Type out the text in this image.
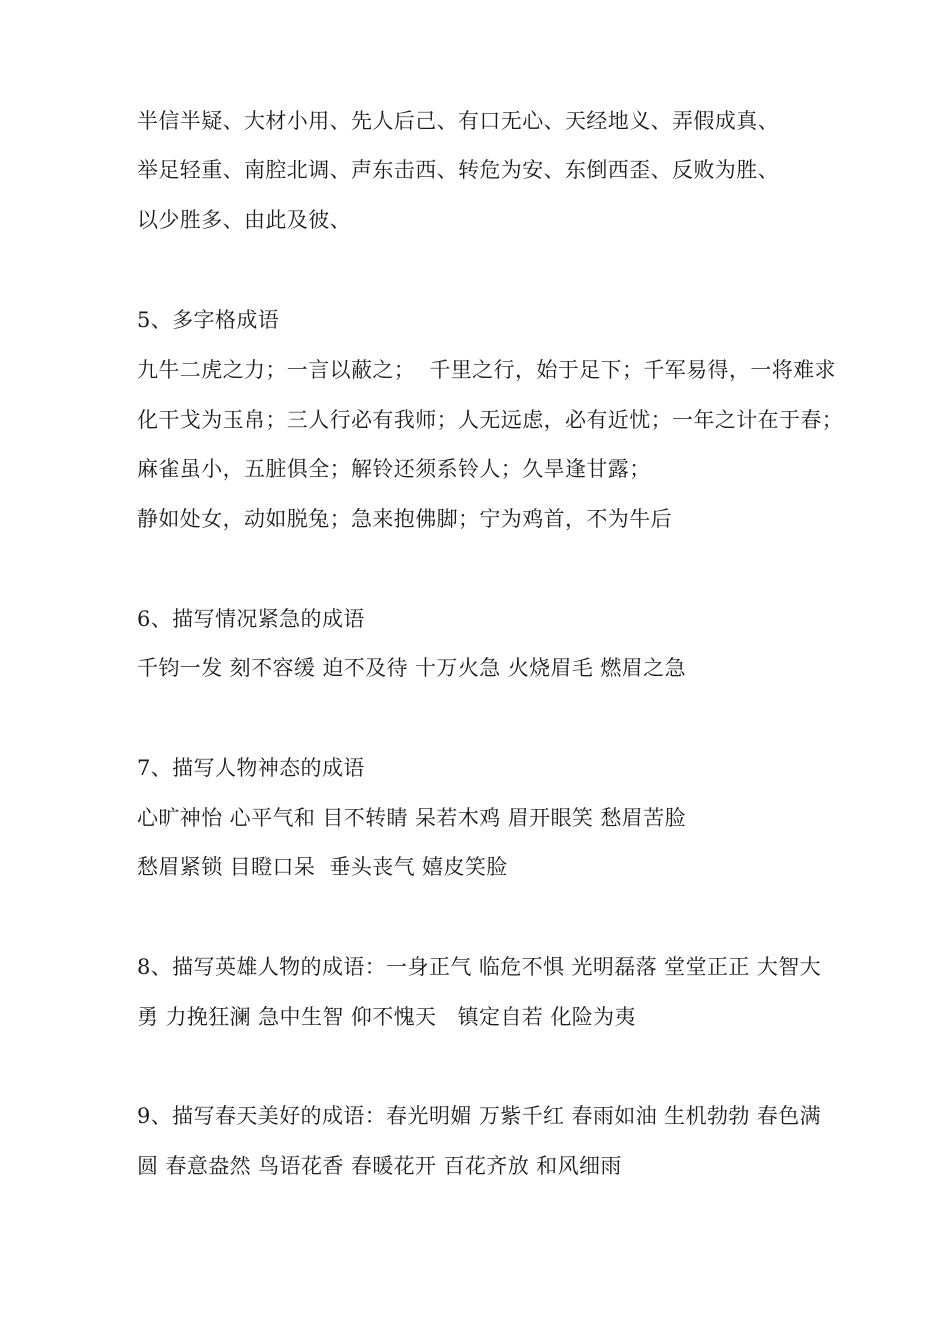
半信半疑、大材小用、先人后己、有口无心、天经地义、弄假成真、
举足轻重、南腔北调、声东击西、转危为安、东倒西歪、反败为胜、
以少胜多、由此及彼、
5、多字格成语
九牛二虎之力；一言以蔽之；  千里之行，始于足下；千军易得，一将难求
化干戈为玉帛；三人行必有我师；人无远虑，必有近忧；一年之计在于春；
麻雀虽小，五脏俱全；解铃还须系铃人；久旱逢甘露；
静如处女，动如脱兔；急来抱佛脚；宁为鸡首，不为牛后
6、描写情况紧急的成语
千钧一发 刻不容缓 迫不及待 十万火急 火烧眉毛 燃眉之急
7、描写人物神态的成语
心旷神怡 心平气和 目不转睛 呆若木鸡 眉开眼笑 愁眉苦脸
愁眉紧锁 目瞪口呆  垂头丧气 嬉皮笑脸
8、描写英雄人物的成语：一身正气 临危不惧 光明磊落 堂堂正正 大智大
勇 力挽狂澜 急中生智 仰不愧天   镇定自若 化险为夷
9、描写春天美好的成语：春光明媚 万紫千红 春雨如油 生机勃勃 春色满
圆 春意盎然 鸟语花香 春暖花开 百花齐放 和风细雨
